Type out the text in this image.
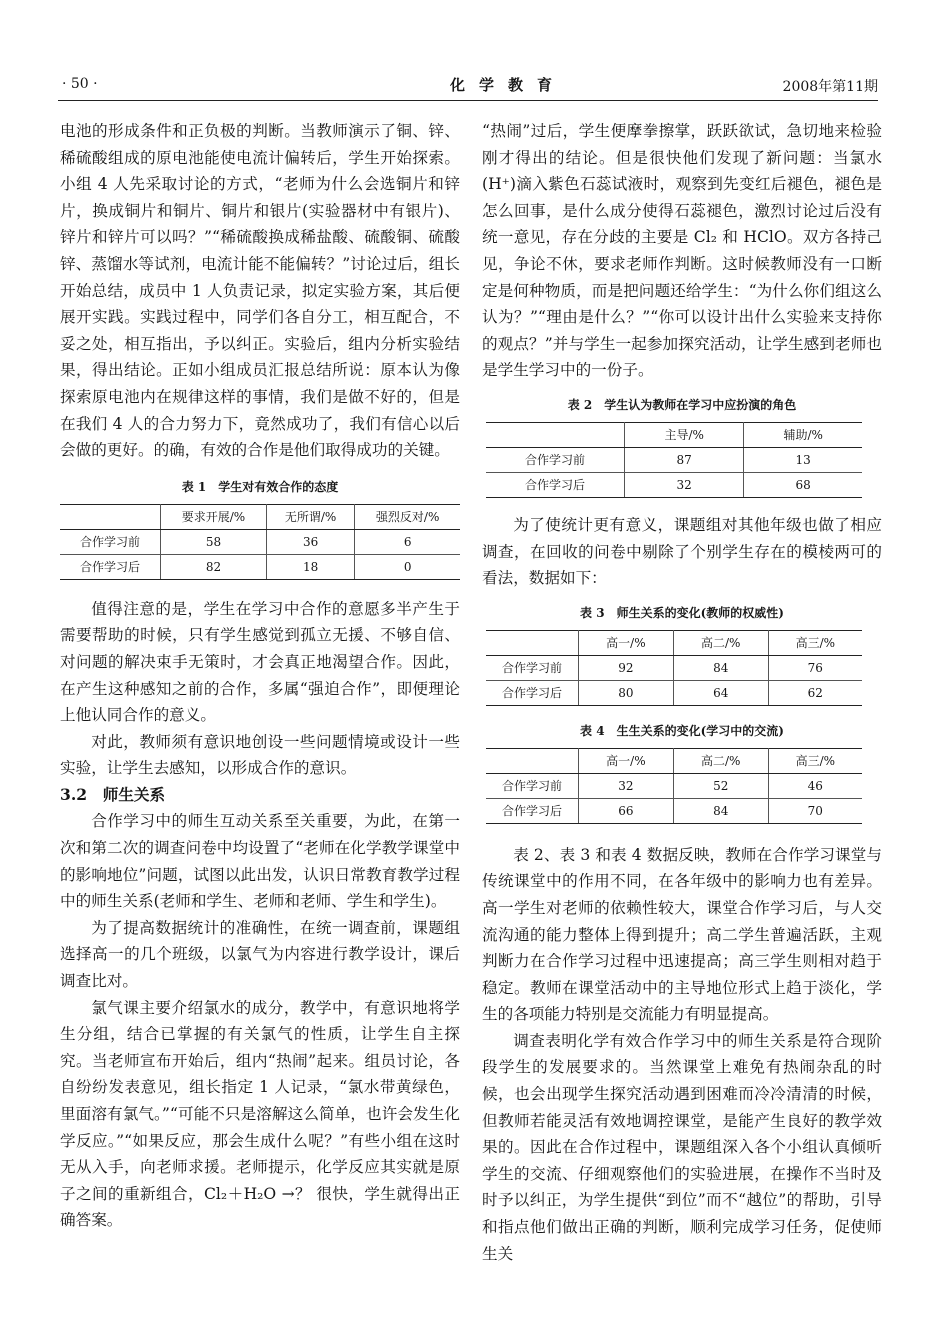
· 50 ·	化学教育	2008年第11期

电池的形成条件和正负极的判断。当教师演示了铜、锌、稀硫酸组成的原电池能使电流计偏转后，学生开始探索。小组 4 人先采取讨论的方式，“老师为什么会选铜片和锌片，换成铜片和铜片、铜片和银片(实验器材中有银片)、锌片和锌片可以吗？”“稀硫酸换成稀盐酸、硫酸铜、硫酸锌、蒸馏水等试剂，电流计能不能偏转？”讨论过后，组长开始总结，成员中 1 人负责记录，拟定实验方案，其后便展开实践。实践过程中，同学们各自分工，相互配合，不妥之处，相互指出，予以纠正。实验后，组内分析实验结果，得出结论。正如小组成员汇报总结所说：原本认为像探索原电池内在规律这样的事情，我们是做不好的，但是在我们 4 人的合力努力下，竟然成功了，我们有信心以后会做的更好。的确，有效的合作是他们取得成功的关键。

表 1　学生对有效合作的态度
	要求开展/%	无所谓/%	强烈反对/%
合作学习前	58	36	6
合作学习后	82	18	0

值得注意的是，学生在学习中合作的意愿多半产生于需要帮助的时候，只有学生感觉到孤立无援、不够自信、对问题的解决束手无策时，才会真正地渴望合作。因此，在产生这种感知之前的合作，多属“强迫合作”，即便理论上他认同合作的意义。

对此，教师须有意识地创设一些问题情境或设计一些实验，让学生去感知，以形成合作的意识。

3.2　师生关系

合作学习中的师生互动关系至关重要，为此，在第一次和第二次的调查问卷中均设置了“老师在化学教学课堂中的影响地位”问题，试图以此出发，认识日常教育教学过程中的师生关系(老师和学生、老师和老师、学生和学生)。

为了提高数据统计的准确性，在统一调查前，课题组选择高一的几个班级，以氯气为内容进行教学设计，课后调查比对。

氯气课主要介绍氯水的成分，教学中，有意识地将学生分组，结合已掌握的有关氯气的性质，让学生自主探究。当老师宣布开始后，组内“热闹”起来。组员讨论，各自纷纷发表意见，组长指定 1 人记录，“氯水带黄绿色，里面溶有氯气。”“可能不只是溶解这么简单，也许会发生化学反应。”“如果反应，那会生成什么呢？”有些小组在这时无从入手，向老师求援。老师提示，化学反应其实就是原子之间的重新组合，Cl₂＋H₂O →？ 很快，学生就得出正确答案。

“热闹”过后，学生便摩拳擦掌，跃跃欲试，急切地来检验刚才得出的结论。但是很快他们发现了新问题：当氯水(H⁺)滴入紫色石蕊试液时，观察到先变红后褪色，褪色是怎么回事，是什么成分使得石蕊褪色，激烈讨论过后没有统一意见，存在分歧的主要是 Cl₂ 和 HClO。双方各持己见，争论不休，要求老师作判断。这时候教师没有一口断定是何种物质，而是把问题还给学生：“为什么你们组这么认为？”“理由是什么？”“你可以设计出什么实验来支持你的观点？”并与学生一起参加探究活动，让学生感到老师也是学生学习中的一份子。

表 2　学生认为教师在学习中应扮演的角色
	主导/%	辅助/%
合作学习前	87	13
合作学习后	32	68

为了使统计更有意义，课题组对其他年级也做了相应调查，在回收的问卷中剔除了个别学生存在的模棱两可的看法，数据如下：

表 3　师生关系的变化(教师的权威性)
	高一/%	高二/%	高三/%
合作学习前	92	84	76
合作学习后	80	64	62
表 4　生生关系的变化(学习中的交流)
	高一/%	高二/%	高三/%
合作学习前	32	52	46
合作学习后	66	84	70

表 2、表 3 和表 4 数据反映，教师在合作学习课堂与传统课堂中的作用不同，在各年级中的影响力也有差异。高一学生对老师的依赖性较大，课堂合作学习后，与人交流沟通的能力整体上得到提升；高二学生普遍活跃，主观判断力在合作学习过程中迅速提高；高三学生则相对趋于稳定。教师在课堂活动中的主导地位形式上趋于淡化，学生的各项能力特别是交流能力有明显提高。

调查表明化学有效合作学习中的师生关系是符合现阶段学生的发展要求的。当然课堂上难免有热闹杂乱的时候，也会出现学生探究活动遇到困难而冷冷清清的时候，但教师若能灵活有效地调控课堂，是能产生良好的教学效果的。因此在合作过程中，课题组深入各个小组认真倾听学生的交流、仔细观察他们的实验进展，在操作不当时及时予以纠正，为学生提供“到位”而不“越位”的帮助，引导和指点他们做出正确的判断，顺利完成学习任务，促使师生关
